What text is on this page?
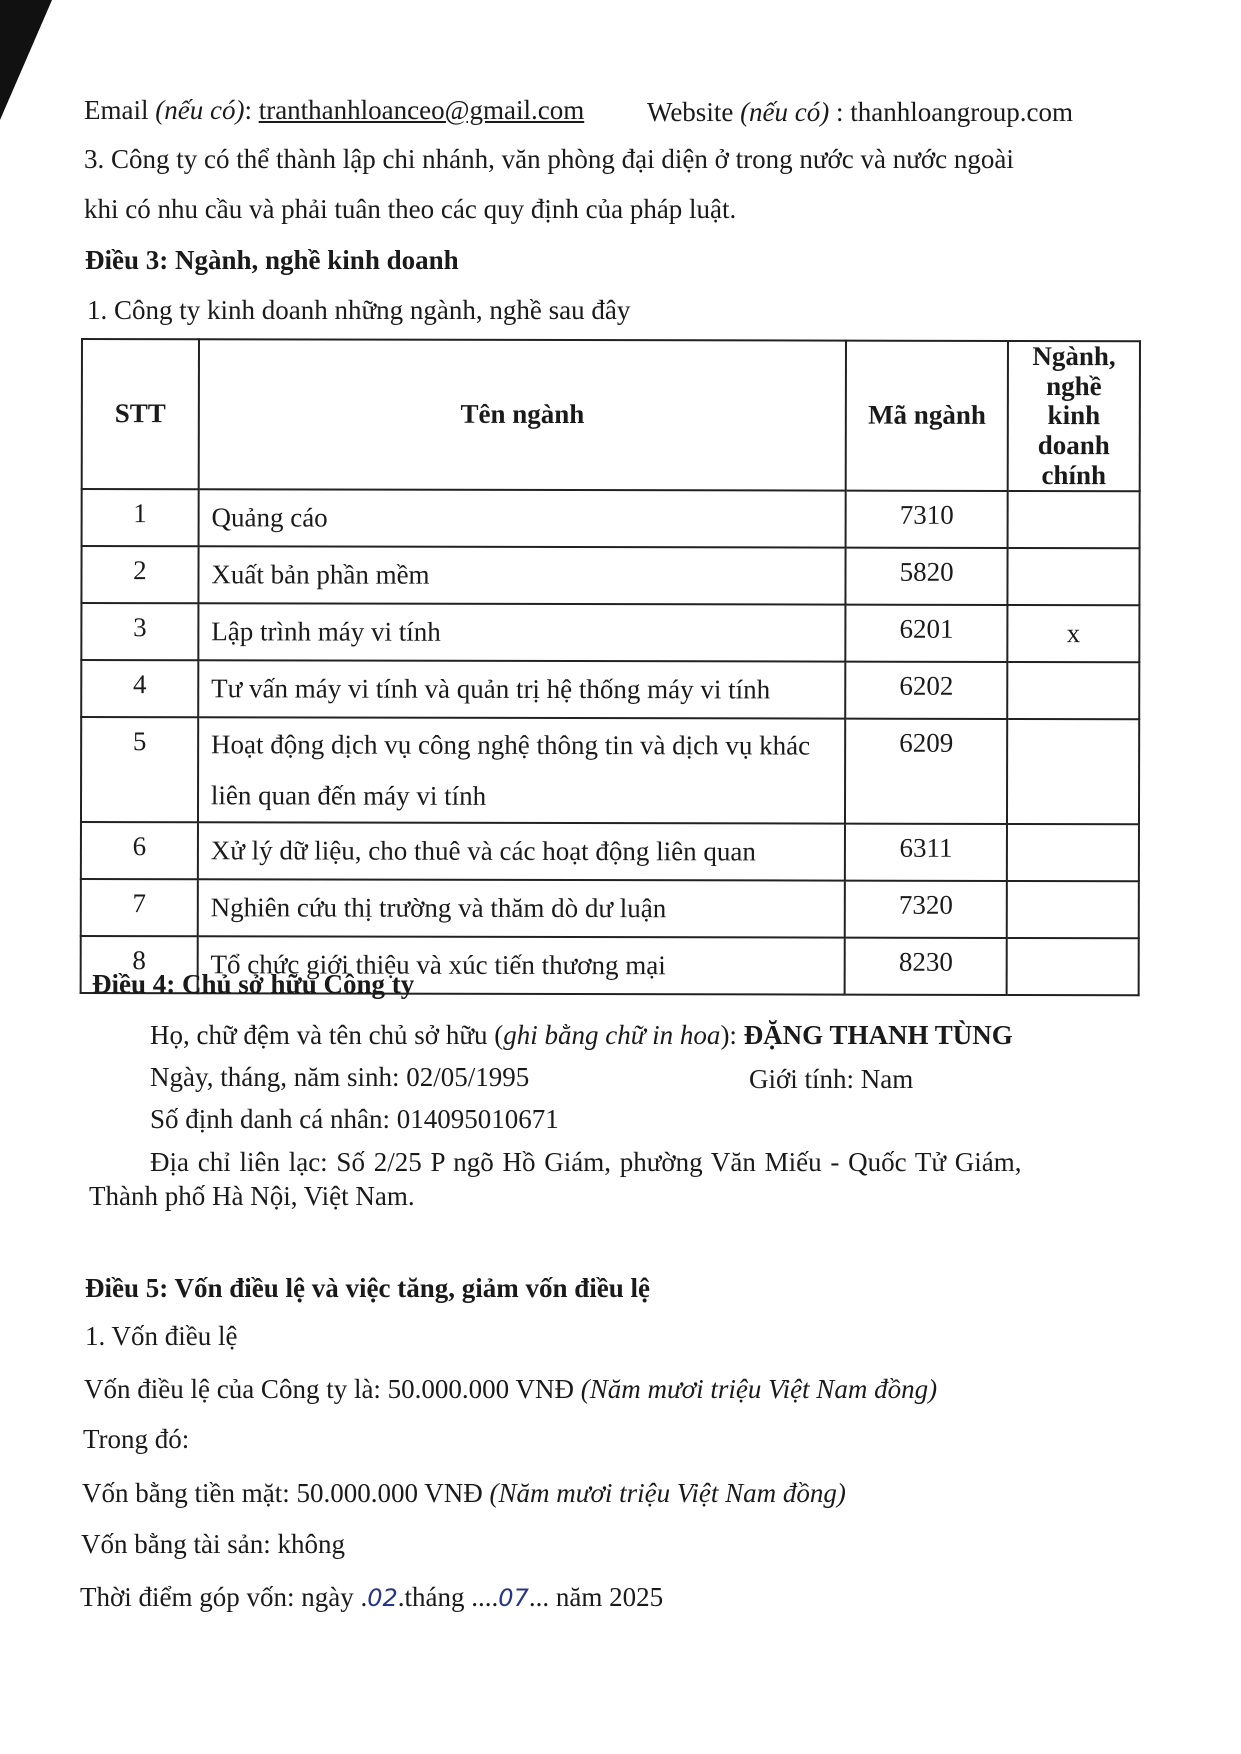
Email (nếu có): tranthanhloanceo@gmail.com Website (nếu có) : thanhloangroup.com
3. Công ty có thể thành lập chi nhánh, văn phòng đại diện ở trong nước và nước ngoài
khi có nhu cầu và phải tuân theo các quy định của pháp luật.
Điều 3: Ngành, nghề kinh doanh
1. Công ty kinh doanh những ngành, nghề sau đây
STT	Tên ngành	Mã ngành	Ngành,
nghề kinh
doanh
chính

1	Quảng cáo	7310	
2	Xuất bản phần mềm	5820	
3	Lập trình máy vi tính	6201	x
4	Tư vấn máy vi tính và quản trị hệ thống máy vi tính	6202	
5	Hoạt động dịch vụ công nghệ thông tin và dịch vụ khác
liên quan đến máy vi tính	6209	
6	Xử lý dữ liệu, cho thuê và các hoạt động liên quan	6311	
7	Nghiên cứu thị trường và thăm dò dư luận	7320	
8	Tổ chức giới thiệu và xúc tiến thương mại	8230	
Điều 4: Chủ sở hữu Công ty
Họ, chữ đệm và tên chủ sở hữu (ghi bằng chữ in hoa): ĐẶNG THANH TÙNG
Ngày, tháng, năm sinh: 02/05/1995	Giới tính: Nam
Số định danh cá nhân: 014095010671
Địa chỉ liên lạc: Số 2/25 P ngõ Hồ Giám, phường Văn Miếu - Quốc Tử Giám,
Thành phố Hà Nội, Việt Nam.
Điều 5: Vốn điều lệ và việc tăng, giảm vốn điều lệ
1. Vốn điều lệ
Vốn điều lệ của Công ty là: 50.000.000 VNĐ (Năm mươi triệu Việt Nam đồng)
Trong đó:
Vốn bằng tiền mặt: 50.000.000 VNĐ (Năm mươi triệu Việt Nam đồng)
Vốn bằng tài sản: không
Thời điểm góp vốn: ngày .02.tháng ....07... năm 2025
